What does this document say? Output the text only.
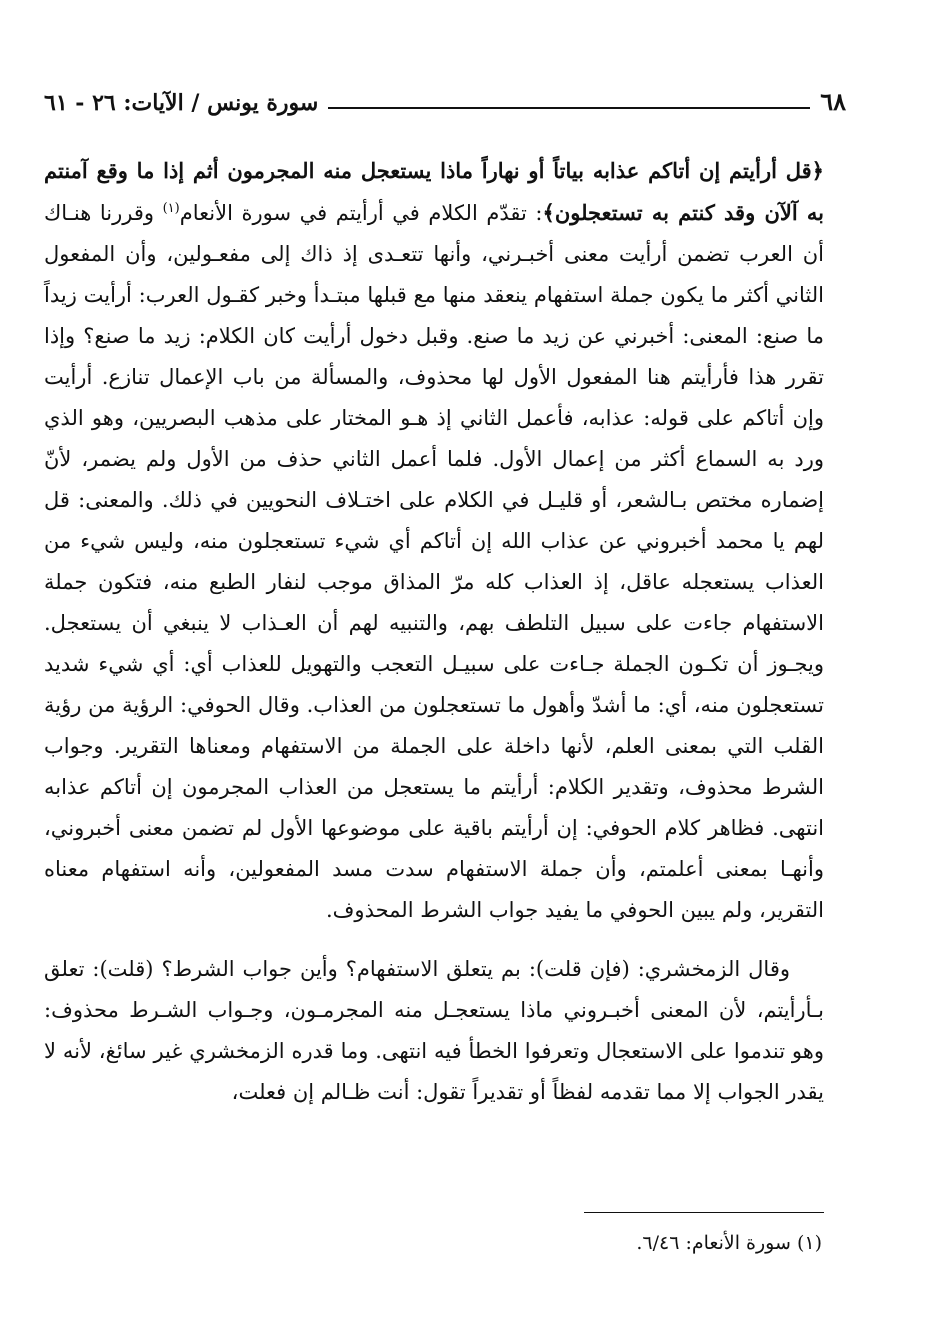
٦٨
سورة يونس / الآيات: ٢٦ - ٦١

﴿قل أرأيتم إن أتاكم عذابه بياتاً أو نهاراً ماذا يستعجل منه المجرمون أثم إذا ما وقع آمنتم به آلآن وقد كنتم به تستعجلون﴾: تقدّم الكلام في أرأيتم في سورة الأنعام$^{(١)}$ وقررنا هنـاك أن العرب تضمن أرأيت معنى أخبـرني، وأنها تتعـدى إذ ذاك إلى مفعـولين، وأن المفعول الثاني أكثر ما يكون جملة استفهام ينعقد منها مع قبلها مبتـدأ وخبر كقـول العرب: أرأيت زيداً ما صنع: المعنى: أخبرني عن زيد ما صنع. وقبل دخول أرأيت كان الكلام: زيد ما صنع؟ وإذا تقرر هذا فأرأيتم هنا المفعول الأول لها محذوف، والمسألة من باب الإعمال تنازع. أرأيت وإن أتاكم على قوله: عذابه، فأعمل الثاني إذ هـو المختار على مذهب البصريين، وهو الذي ورد به السماع أكثر من إعمال الأول. فلما أعمل الثاني حذف من الأول ولم يضمر، لأنّ إضماره مختص بـالشعر، أو قليـل في الكلام على اختـلاف النحويين في ذلك. والمعنى: قل لهم يا محمد أخبروني عن عذاب الله إن أتاكم أي شيء تستعجلون منه، وليس شيء من العذاب يستعجله عاقل، إذ العذاب كله مرّ المذاق موجب لنفار الطبع منه، فتكون جملة الاستفهام جاءت على سبيل التلطف بهم، والتنبيه لهم أن العـذاب لا ينبغي أن يستعجل. ويجـوز أن تكـون الجملة جـاءت على سبيـل التعجب والتهويل للعذاب أي: أي شيء شديد تستعجلون منه، أي: ما أشدّ وأهول ما تستعجلون من العذاب. وقال الحوفي: الرؤية من رؤية القلب التي بمعنى العلم، لأنها داخلة على الجملة من الاستفهام ومعناها التقرير. وجواب الشرط محذوف، وتقدير الكلام: أرأيتم ما يستعجل من العذاب المجرمون إن أتاكم عذابه انتهى. فظاهر كلام الحوفي: إن أرأيتم باقية على موضوعها الأول لم تضمن معنى أخبروني، وأنهـا بمعنى أعلمتم، وأن جملة الاستفهام سدت مسد المفعولين، وأنه استفهام معناه التقرير، ولم يبين الحوفي ما يفيد جواب الشرط المحذوف.

وقال الزمخشري: (فإن قلت): بم يتعلق الاستفهام؟ وأين جواب الشرط؟ (قلت): تعلق بـأرأيتم، لأن المعنى أخبـروني ماذا يستعجـل منه المجرمـون، وجـواب الشـرط محذوف: وهو تندموا على الاستعجال وتعرفوا الخطأ فيه انتهى. وما قدره الزمخشري غير سائغ، لأنه لا يقدر الجواب إلا مما تقدمه لفظاً أو تقديراً تقول: أنت ظـالم إن فعلت،

(١) سورة الأنعام: ٦/٤٦.
